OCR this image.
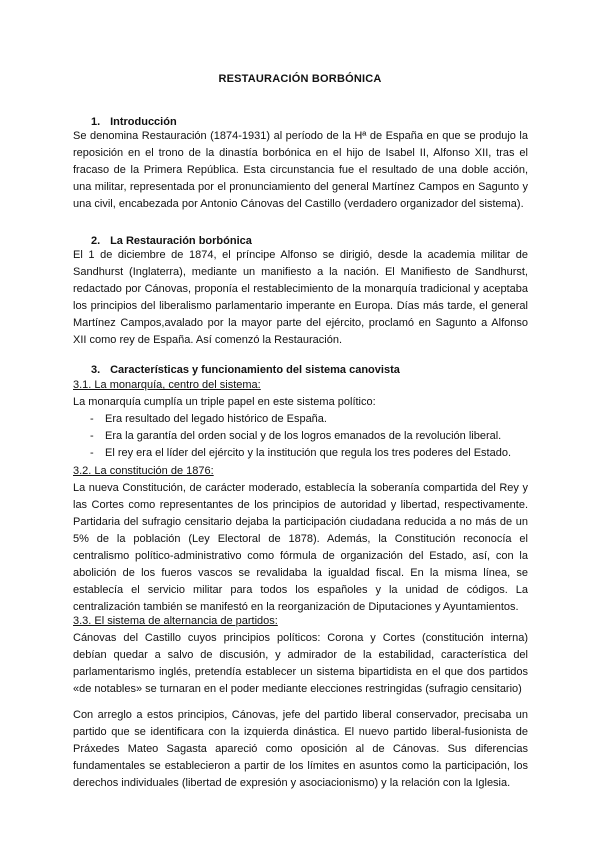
RESTAURACIÓN BORBÓNICA
1. Introducción
Se denomina Restauración (1874-1931) al período de la Hª de España en que se produjo la
reposición en el trono de la dinastía borbónica en el hijo de Isabel II, Alfonso XII, tras el
fracaso de la Primera República. Esta circunstancia fue el resultado de una doble acción,
una militar, representada por el pronunciamiento del general Martínez Campos en Sagunto y
una civil, encabezada por Antonio Cánovas del Castillo (verdadero organizador del sistema).
2. La Restauración borbónica
El 1 de diciembre de 1874, el príncipe Alfonso se dirigió, desde la academia militar de
Sandhurst (Inglaterra), mediante un manifiesto a la nación. El Manifiesto de Sandhurst,
redactado por Cánovas, proponía el restablecimiento de la monarquía tradicional y aceptaba
los principios del liberalismo parlamentario imperante en Europa. Días más tarde, el general
Martínez Campos,avalado por la mayor parte del ejército, proclamó en Sagunto a Alfonso
XII como rey de España. Así comenzó la Restauración.
3. Características y funcionamiento del sistema canovista
3.1. La monarquía, centro del sistema:
La monarquía cumplía un triple papel en este sistema político:
- Era resultado del legado histórico de España.
- Era la garantía del orden social y de los logros emanados de la revolución liberal.
- El rey era el líder del ejército y la institución que regula los tres poderes del Estado.
3.2. La constitución de 1876:
La nueva Constitución, de carácter moderado, establecía la soberanía compartida del Rey y
las Cortes como representantes de los principios de autoridad y libertad, respectivamente.
Partidaria del sufragio censitario dejaba la participación ciudadana reducida a no más de un
5% de la población (Ley Electoral de 1878). Además, la Constitución reconocía el
centralismo político-administrativo como fórmula de organización del Estado, así, con la
abolición de los fueros vascos se revalidaba la igualdad fiscal. En la misma línea, se
establecía el servicio militar para todos los españoles y la unidad de códigos. La
centralización también se manifestó en la reorganización de Diputaciones y Ayuntamientos.
3.3. El sistema de alternancia de partidos:
Cánovas del Castillo cuyos principios políticos: Corona y Cortes (constitución interna)
debían quedar a salvo de discusión, y admirador de la estabilidad, característica del
parlamentarismo inglés, pretendía establecer un sistema bipartidista en el que dos partidos
«de notables» se turnaran en el poder mediante elecciones restringidas (sufragio censitario)
Con arreglo a estos principios, Cánovas, jefe del partido liberal conservador, precisaba un
partido que se identificara con la izquierda dinástica. El nuevo partido liberal-fusionista de
Práxedes Mateo Sagasta apareció como oposición al de Cánovas. Sus diferencias
fundamentales se establecieron a partir de los límites en asuntos como la participación, los
derechos individuales (libertad de expresión y asociacionismo) y la relación con la Iglesia.
